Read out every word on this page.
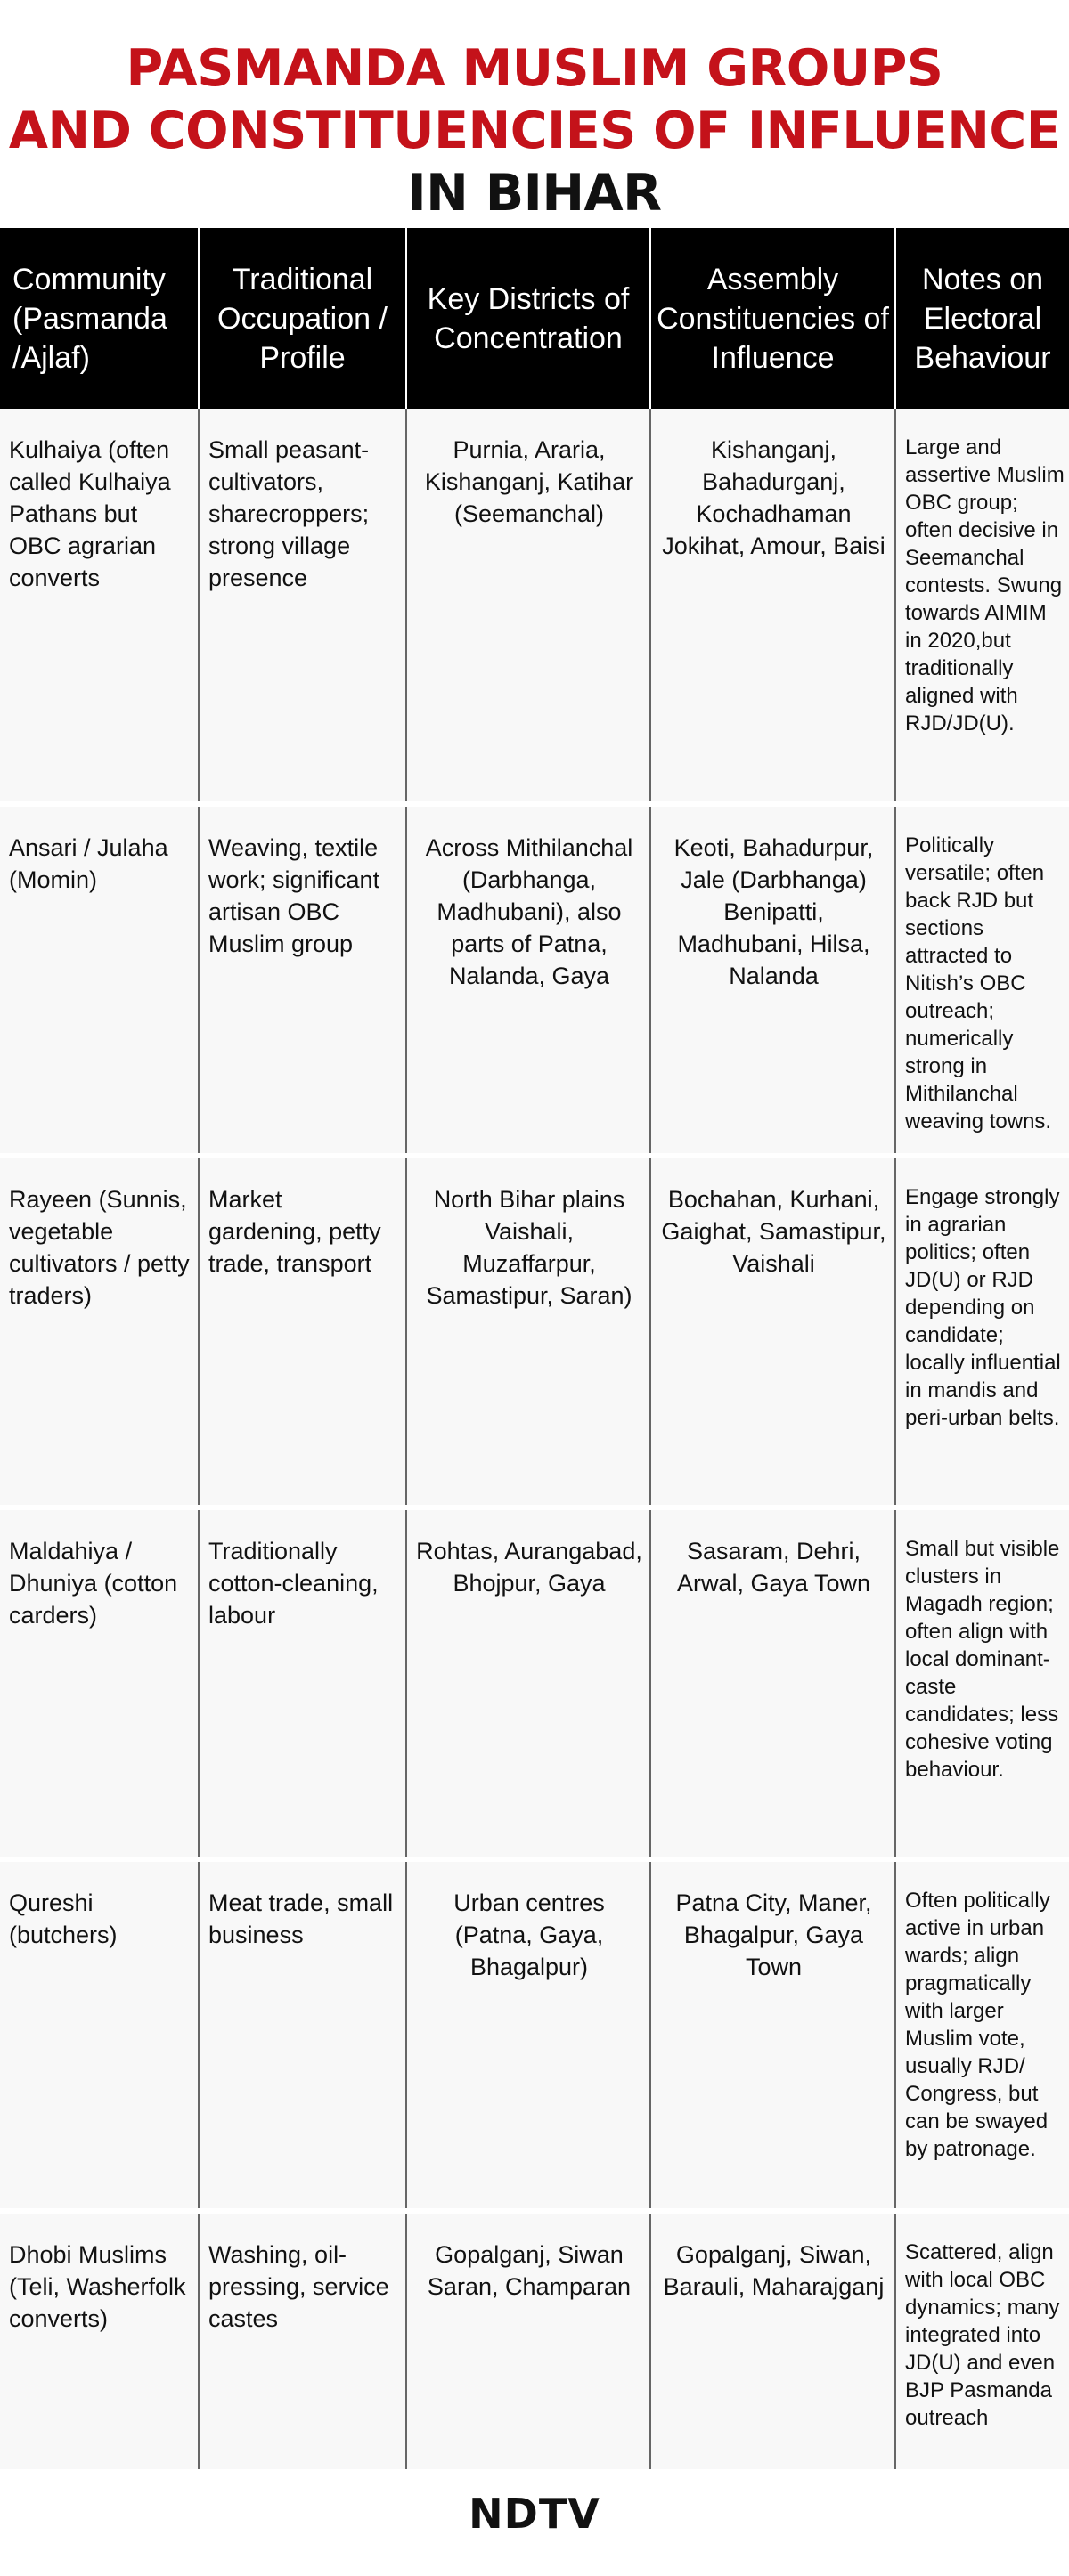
PASMANDA MUSLIM GROUPS
AND CONSTITUENCIES OF INFLUENCE
IN BIHAR
Community (Pasmanda /Ajlaf)	Traditional Occupation / Profile	Key Districts of Concentration	Assembly Constituencies of Influence	Notes on Electoral Behaviour
Kulhaiya (often called Kulhaiya Pathans but OBC agrarian converts	Small peasant-cultivators, sharecroppers; strong village presence	Purnia, Araria, Kishanganj, Katihar (Seemanchal)	Kishanganj, Bahadurganj, Kochadhaman Jokihat, Amour, Baisi	Large and assertive Muslim OBC group; often decisive in Seemanchal contests. Swung towards AIMIM in 2020,but traditionally aligned with RJD/JD(U).
Ansari / Julaha (Momin)	Weaving, textile work; significant artisan OBC Muslim group	Across Mithilanchal (Darbhanga, Madhubani), also parts of Patna, Nalanda, Gaya	Keoti, Bahadurpur, Jale (Darbhanga) Benipatti, Madhubani, Hilsa, Nalanda	Politically versatile; often back RJD but sections attracted to Nitish’s OBC outreach; numerically strong in Mithilanchal weaving towns.
Rayeen (Sunnis, vegetable cultivators / petty traders)	Market gardening, petty trade, transport	North Bihar plains Vaishali, Muzaffarpur, Samastipur, Saran)	Bochahan, Kurhani, Gaighat, Samastipur, Vaishali	Engage strongly in agrarian politics; often JD(U) or RJD depending on candidate; locally influential in mandis and peri-urban belts.
Maldahiya / Dhuniya (cotton carders)	Traditionally cotton-cleaning, labour	Rohtas, Aurangabad, Bhojpur, Gaya	Sasaram, Dehri, Arwal, Gaya Town	Small but visible clusters in Magadh region; often align with local dominant-caste candidates; less cohesive voting behaviour.
Qureshi (butchers)	Meat trade, small business	Urban centres (Patna, Gaya, Bhagalpur)	Patna City, Maner, Bhagalpur, Gaya Town	Often politically active in urban wards; align pragmatically with larger Muslim vote, usually RJD/ Congress, but can be swayed by patronage.
Dhobi Muslims (Teli, Washerfolk converts)	Washing, oil-pressing, service castes	Gopalganj, Siwan Saran, Champaran	Gopalganj, Siwan, Barauli, Maharajganj	Scattered, align with local OBC dynamics; many integrated into JD(U) and even BJP Pasmanda outreach
NDTV
